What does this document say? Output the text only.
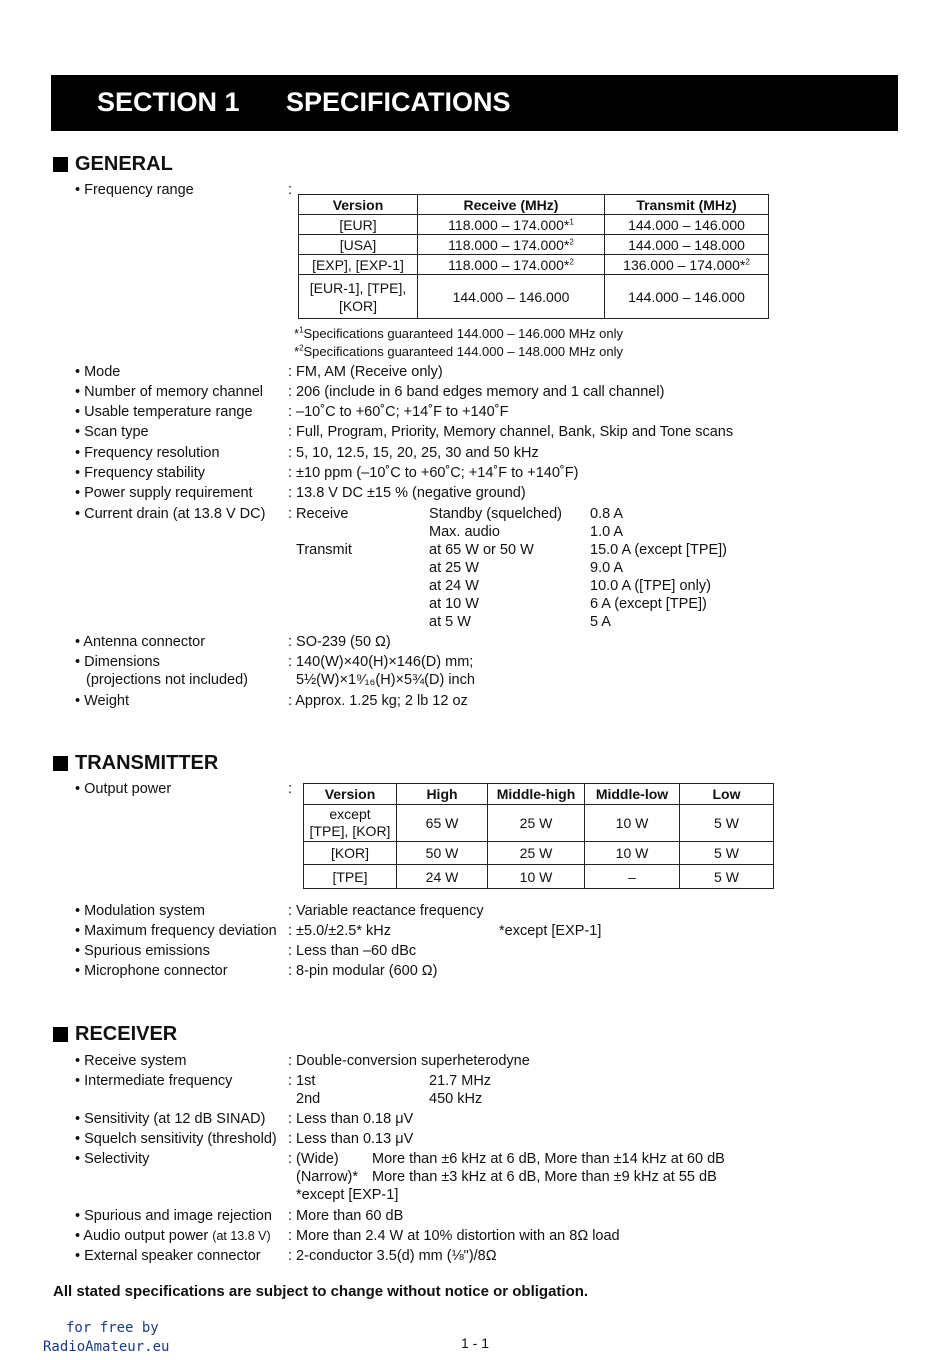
SECTION 1 SPECIFICATIONS
GENERAL
• Frequency range	:
Version	Receive (MHz)	Transmit (MHz)
[EUR]	118.000 – 174.000*$^1$	144.000 – 146.000
[USA]	118.000 – 174.000*$^2$	144.000 – 148.000
[EXP], [EXP-1]	118.000 – 174.000*$^2$	136.000 – 174.000*$^2$
[EUR-1], [TPE], [KOR]	144.000 – 146.000	144.000 – 146.000
*$^1$Specifications guaranteed 144.000 – 146.000 MHz only
*$^2$Specifications guaranteed 144.000 – 148.000 MHz only
• Mode	: FM, AM (Receive only)
• Number of memory channel : 206 (include in 6 band edges memory and 1 call channel)
• Usable temperature range : –10˚C to +60˚C; +14˚F to +140˚F
• Scan type	: Full, Program, Priority, Memory channel, Bank, Skip and Tone scans
• Frequency resolution	: 5, 10, 12.5, 15, 20, 25, 30 and 50 kHz
• Frequency stability	: ±10 ppm (–10˚C to +60˚C; +14˚F to +140˚F)
• Power supply requirement : 13.8 V DC ±15 % (negative ground)
• Current drain (at 13.8 V DC) : Receive	Standby (squelched) 0.8 A
Max. audio	1.0 A
Transmit	at 65 W or 50 W	15.0 A (except [TPE])
at 25 W	9.0 A
at 24 W	10.0 A ([TPE] only)
at 10 W	6 A (except [TPE])
at 5 W	5 A
• Antenna connector	: SO-239 (50 Ω)
• Dimensions	: 140(W)×40(H)×146(D) mm;
(projections not included)	5½(W)×1⁹⁄₁₆(H)×5¾(D) inch
• Weight	: Approx. 1.25 kg; 2 lb 12 oz
TRANSMITTER
• Output power	: Version	High	Middle-high	Middle-low	Low
except [TPE], [KOR]	65 W	25 W	10 W	5 W
[KOR]	50 W	25 W	10 W	5 W
[TPE]	24 W	10 W	–	5 W
• Modulation system	: Variable reactance frequency
• Maximum frequency deviation : ±5.0/±2.5* kHz
• Spurious emissions	: Less than –60 dBc
• Microphone connector	: 8-pin modular (600 Ω)
*except [EXP-1]
RECEIVER
• Receive system	: Double-conversion superheterodyne
• Intermediate frequency	: 1st	21.7 MHz
2nd	450 kHz
• Sensitivity (at 12 dB SINAD) : Less than 0.18 μV
• Squelch sensitivity (threshold) : Less than 0.13 μV
• Selectivity	: (Wide) More than ±6 kHz at 6 dB, More than ±14 kHz at 60 dB
(Narrow)* More than ±3 kHz at 6 dB, More than ±9 kHz at 55 dB
*except [EXP-1]
• Spurious and image rejection : More than 60 dB
• Audio output power (at 13.8 V) : More than 2.4 W at 10% distortion with an 8Ω load
• External speaker connector : 2-conductor 3.5(d) mm (⅛")/8Ω
All stated specifications are subject to change without notice or obligation.
for free by
RadioAmateur.eu	1 - 1
